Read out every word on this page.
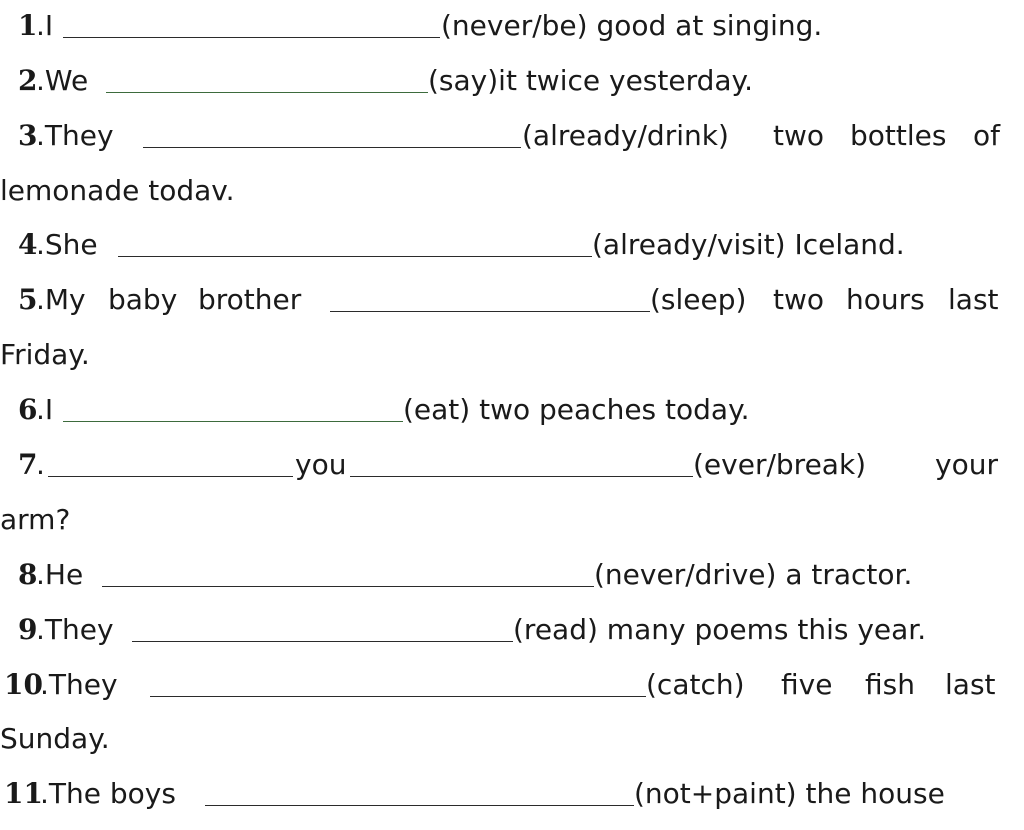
1
.I	(never/be) good at singing.
2
.We	(say)it twice yesterday.
3
.They	(already/drink) two bottles of
lemonade todav.
4
.She	(already/visit) Iceland.
5
.My baby brother	(sleep) two hours last
Friday.
6
.I	(eat) two peaches today.
7
.	you	(ever/break) your
arm?
8
.He	(never/drive) a tractor.
9
.They	(read) many poems this year.
10
.They	(catch) five fish last
Sunday.
11
.The boys	(not+paint) the house
